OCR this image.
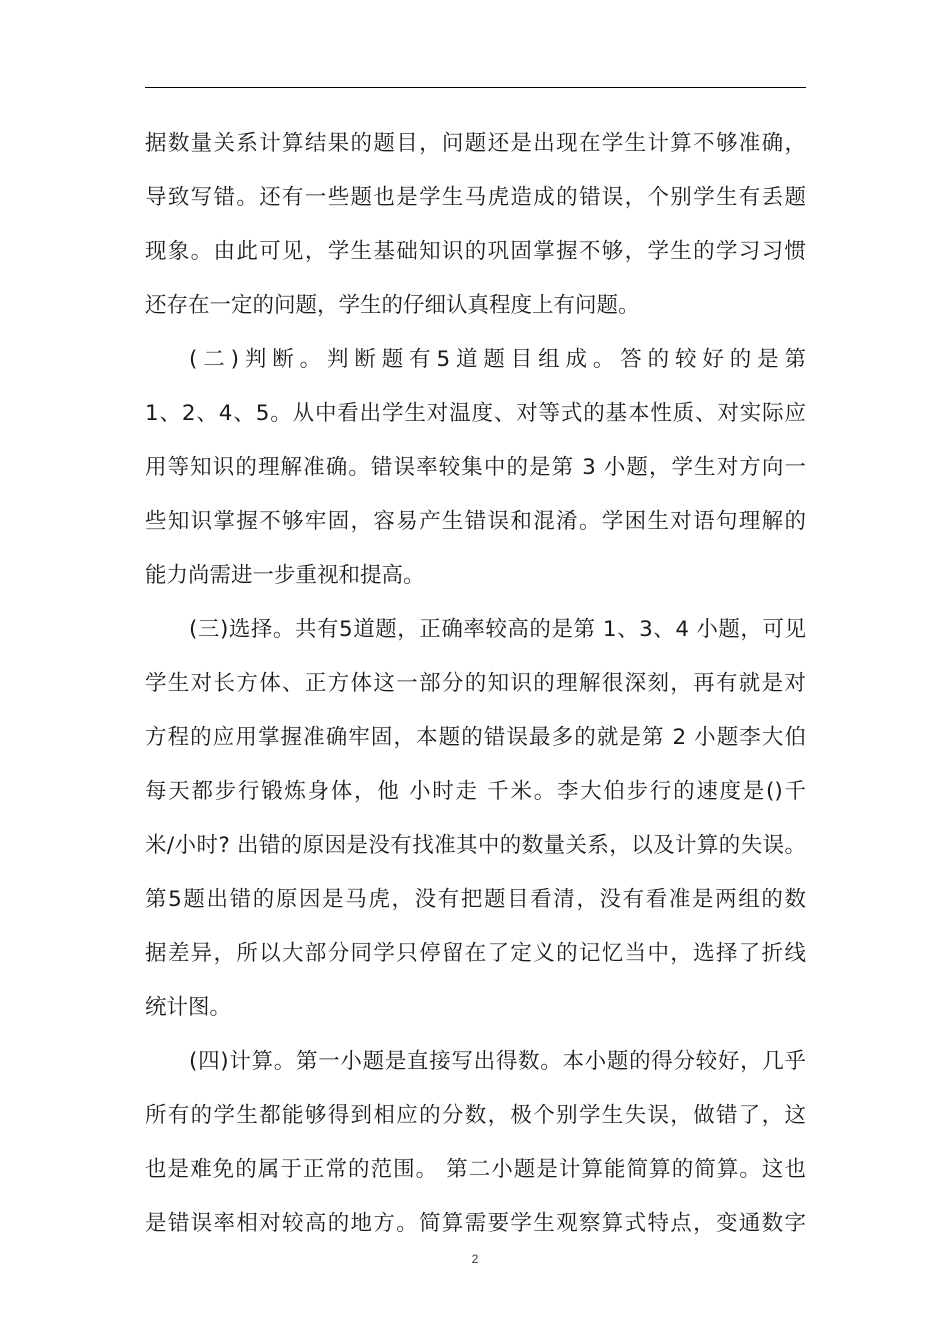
据数量关系计算结果的题目，问题还是出现在学生计算不够准确，
导致写错。还有一些题也是学生马虎造成的错误，个别学生有丢题
现象。由此可见，学生基础知识的巩固掌握不够，学生的学习习惯
还存在一定的问题，学生的仔细认真程度上有问题。
(二)判断。判断题有5道题目组成。答的较好的是第
1、2、4、5。从中看出学生对温度、对等式的基本性质、对实际应
用等知识的理解准确。错误率较集中的是第 3 小题，学生对方向一
些知识掌握不够牢固，容易产生错误和混淆。学困生对语句理解的
能力尚需进一步重视和提高。
(三)选择。共有5道题，正确率较高的是第 1、3、4 小题，可见
学生对长方体、正方体这一部分的知识的理解很深刻，再有就是对
方程的应用掌握准确牢固，本题的错误最多的就是第 2 小题李大伯
每天都步行锻炼身体，他 小时走 千米。李大伯步行的速度是()千
米/小时? 出错的原因是没有找准其中的数量关系，以及计算的失误。
第5题出错的原因是马虎，没有把题目看清，没有看准是两组的数
据差异，所以大部分同学只停留在了定义的记忆当中，选择了折线
统计图。
(四)计算。第一小题是直接写出得数。本小题的得分较好，几乎
所有的学生都能够得到相应的分数，极个别学生失误，做错了，这
也是难免的属于正常的范围。 第二小题是计算能简算的简算。这也
是错误率相对较高的地方。简算需要学生观察算式特点，变通数字
2
